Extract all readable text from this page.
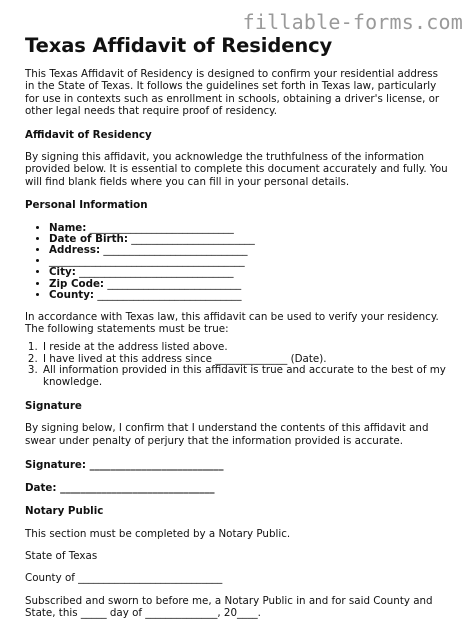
fillable-forms.com
Texas Affidavit of Residency

This Texas Affidavit of Residency is designed to confirm your residential address in the State of Texas. It follows the guidelines set forth in Texas law, particularly for use in contexts such as enrollment in schools, obtaining a driver's license, or other legal needs that require proof of residency.

Affidavit of Residency

By signing this affidavit, you acknowledge the truthfulness of the information provided below. It is essential to complete this document accurately and fully. You will find blank fields where you can fill in your personal details.

Personal Information

• Name: ____________________________
• Date of Birth: ________________________
• Address: ____________________________
• ______________________________________
• City: ______________________________
• Zip Code: __________________________
• County: ____________________________

In accordance with Texas law, this affidavit can be used to verify your residency. The following statements must be true:

1. I reside at the address listed above.
2. I have lived at this address since ______________ (Date).
3. All information provided in this affidavit is true and accurate to the best of my knowledge.

Signature

By signing below, I confirm that I understand the contents of this affidavit and swear under penalty of perjury that the information provided is accurate.

Signature: __________________________
Date: ______________________________

Notary Public

This section must be completed by a Notary Public.

State of Texas

County of ____________________________

Subscribed and sworn to before me, a Notary Public in and for said County and State, this _____ day of ______________, 20____.
